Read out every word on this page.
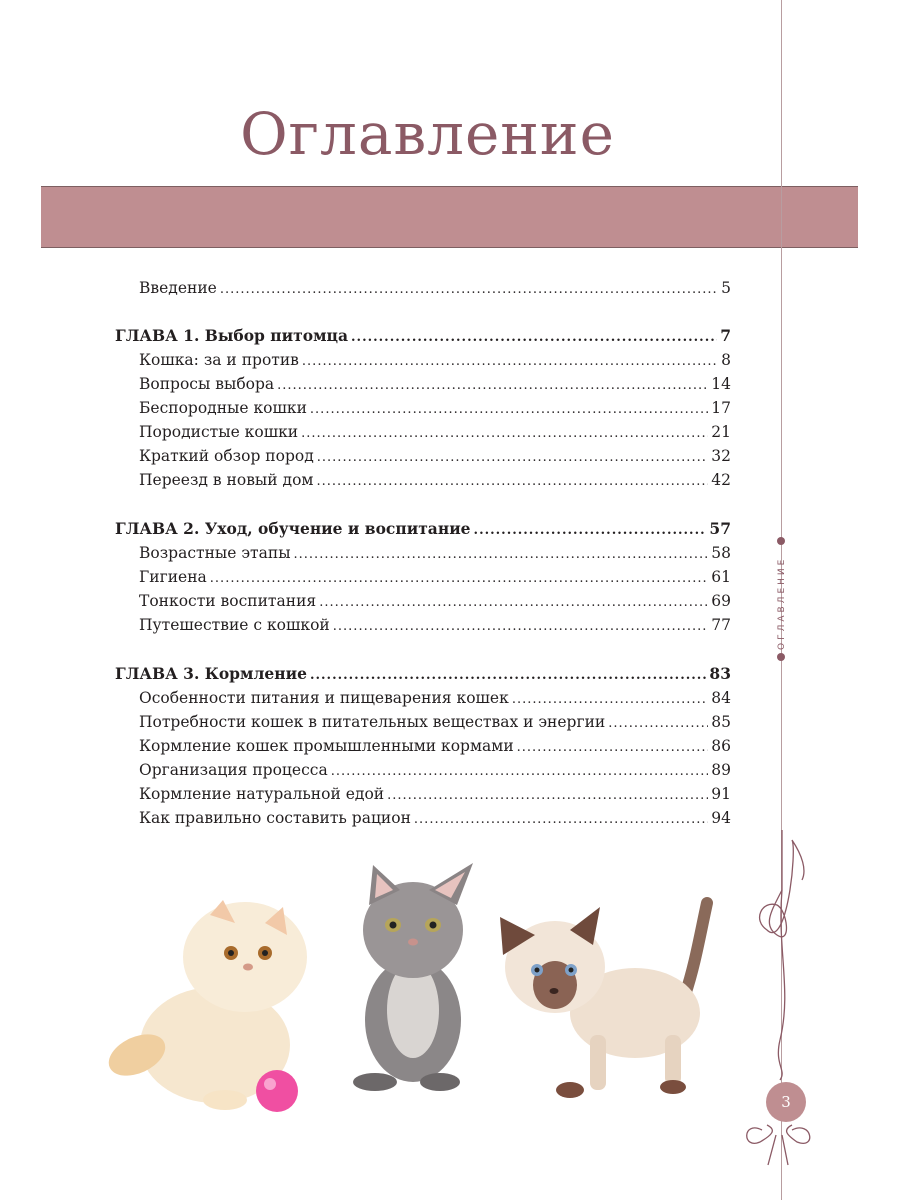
Оглавление
ОГЛАВЛЕНИЕ
Введение .....	5
ГЛАВА 1. Выбор питомца .....	7
Кошка: за и против .....	8
Вопросы выбора .....	14
Беспородные кошки .....	17
Породистые кошки .....	21
Краткий обзор пород .....	32
Переезд в новый дом .....	42
ГЛАВА 2. Уход, обучение и воспитание .....	57
Возрастные этапы .....	58
Гигиена .....	61
Тонкости воспитания .....	69
Путешествие с кошкой .....	77
ГЛАВА 3. Кормление .....	83
Особенности питания и пищеварения кошек .....	84
Потребности кошек в питательных веществах и энергии .....	85
Кормление кошек промышленными кормами .....	86
Организация процесса .....	89
Кормление натуральной едой .....	91
Как правильно составить рацион .....	94
3
